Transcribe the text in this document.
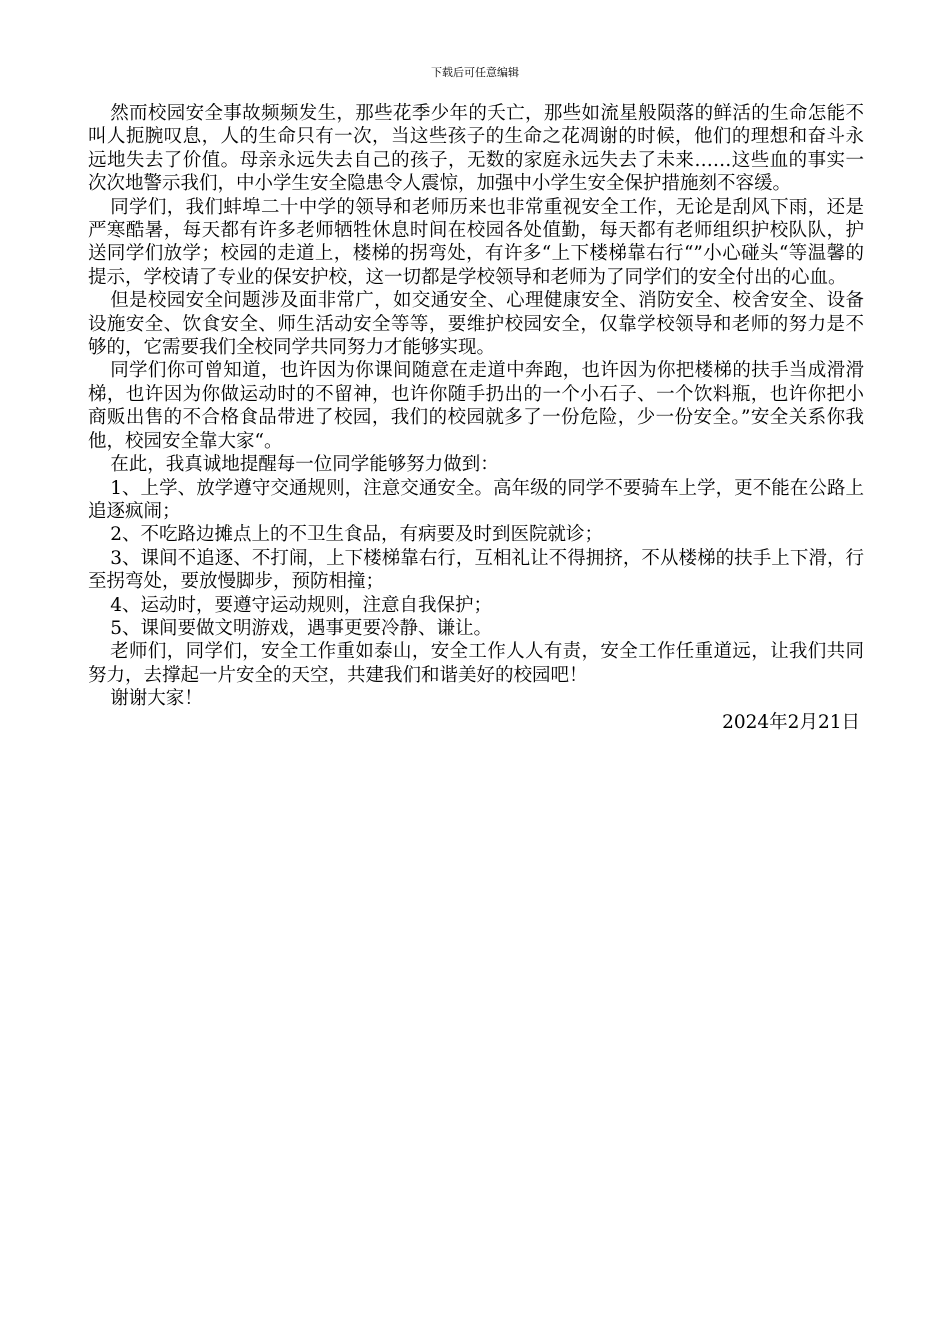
下载后可任意编辑

然而校园安全事故频频发生，那些花季少年的夭亡，那些如流星般陨落的鲜活的生命怎能不叫人扼腕叹息，人的生命只有一次，当这些孩子的生命之花凋谢的时候，他们的理想和奋斗永远地失去了价值。母亲永远失去自己的孩子，无数的家庭永远失去了未来……这些血的事实一次次地警示我们，中小学生安全隐患令人震惊，加强中小学生安全保护措施刻不容缓。

同学们，我们蚌埠二十中学的领导和老师历来也非常重视安全工作，无论是刮风下雨，还是严寒酷暑，每天都有许多老师牺牲休息时间在校园各处值勤，每天都有老师组织护校队队，护送同学们放学；校园的走道上，楼梯的拐弯处，有许多“上下楼梯靠右行“”小心碰头“等温馨的提示，学校请了专业的保安护校，这一切都是学校领导和老师为了同学们的安全付出的心血。

但是校园安全问题涉及面非常广，如交通安全、心理健康安全、消防安全、校舍安全、设备设施安全、饮食安全、师生活动安全等等，要维护校园安全，仅靠学校领导和老师的努力是不够的，它需要我们全校同学共同努力才能够实现。

同学们你可曾知道，也许因为你课间随意在走道中奔跑，也许因为你把楼梯的扶手当成滑滑梯，也许因为你做运动时的不留神，也许你随手扔出的一个小石子、一个饮料瓶，也许你把小商贩出售的不合格食品带进了校园，我们的校园就多了一份危险，少一份安全。”安全关系你我他，校园安全靠大家“。

在此，我真诚地提醒每一位同学能够努力做到：

1、上学、放学遵守交通规则，注意交通安全。高年级的同学不要骑车上学，更不能在公路上追逐疯闹；

2、不吃路边摊点上的不卫生食品，有病要及时到医院就诊；

3、课间不追逐、不打闹，上下楼梯靠右行，互相礼让不得拥挤，不从楼梯的扶手上下滑，行至拐弯处，要放慢脚步，预防相撞；

4、运动时，要遵守运动规则，注意自我保护；

5、课间要做文明游戏，遇事更要冷静、谦让。

老师们，同学们，安全工作重如泰山，安全工作人人有责，安全工作任重道远，让我们共同努力，去撑起一片安全的天空，共建我们和谐美好的校园吧！

谢谢大家！

2024年2月21日
